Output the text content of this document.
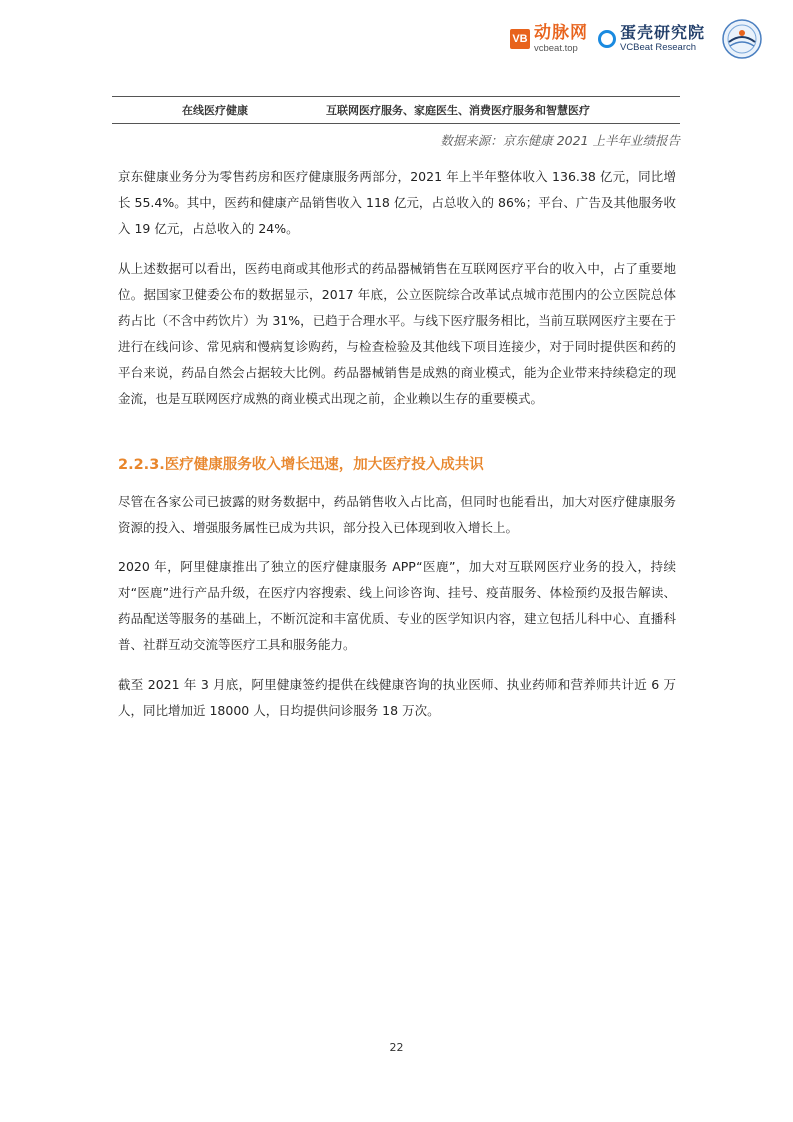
VB 动脉网
vcbeat.top
蛋壳研究院
VCBeat Research
在线医疗健康	互联网医疗服务、家庭医生、消费医疗服务和智慧医疗
数据来源：京东健康 2021 上半年业绩报告

京东健康业务分为零售药房和医疗健康服务两部分，2021 年上半年整体收入 136.38 亿元，同比增长 55.4%。其中，医药和健康产品销售收入 118 亿元，占总收入的 86%；平台、广告及其他服务收入 19 亿元，占总收入的 24%。

从上述数据可以看出，医药电商或其他形式的药品器械销售在互联网医疗平台的收入中，占了重要地位。据国家卫健委公布的数据显示，2017 年底，公立医院综合改革试点城市范围内的公立医院总体药占比（不含中药饮片）为 31%，已趋于合理水平。与线下医疗服务相比，当前互联网医疗主要在于进行在线问诊、常见病和慢病复诊购药，与检查检验及其他线下项目连接少，对于同时提供医和药的平台来说，药品自然会占据较大比例。药品器械销售是成熟的商业模式，能为企业带来持续稳定的现金流，也是互联网医疗成熟的商业模式出现之前，企业赖以生存的重要模式。

2.2.3.医疗健康服务收入增长迅速，加大医疗投入成共识

尽管在各家公司已披露的财务数据中，药品销售收入占比高，但同时也能看出，加大对医疗健康服务资源的投入、增强服务属性已成为共识，部分投入已体现到收入增长上。

2020 年，阿里健康推出了独立的医疗健康服务 APP“医鹿”，加大对互联网医疗业务的投入，持续对“医鹿”进行产品升级，在医疗内容搜索、线上问诊咨询、挂号、疫苗服务、体检预约及报告解读、药品配送等服务的基础上，不断沉淀和丰富优质、专业的医学知识内容，建立包括儿科中心、直播科普、社群互动交流等医疗工具和服务能力。

截至 2021 年 3 月底，阿里健康签约提供在线健康咨询的执业医师、执业药师和营养师共计近 6 万人，同比增加近 18000 人，日均提供问诊服务 18 万次。

22
